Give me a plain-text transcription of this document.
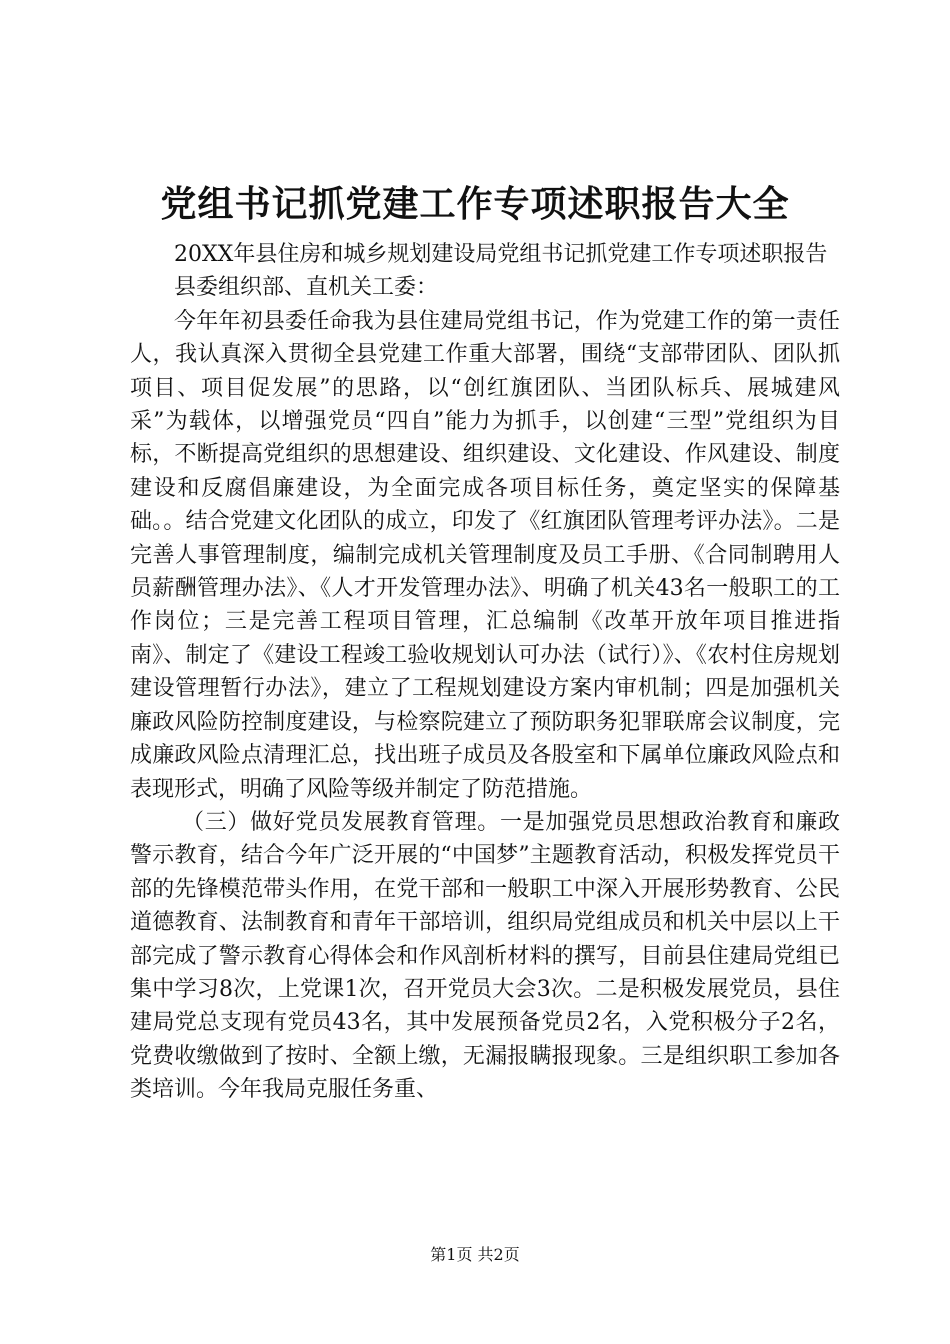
党组书记抓党建工作专项述职报告大全

20XX年县住房和城乡规划建设局党组书记抓党建工作专项述职报告

县委组织部、直机关工委：

今年年初县委任命我为县住建局党组书记，作为党建工作的第一责任人，我认真深入贯彻全县党建工作重大部署，围绕“支部带团队、团队抓项目、项目促发展”的思路，以“创红旗团队、当团队标兵、展城建风采”为载体，以增强党员“四自”能力为抓手，以创建“三型”党组织为目标，不断提高党组织的思想建设、组织建设、文化建设、作风建设、制度建设和反腐倡廉建设，为全面完成各项目标任务，奠定坚实的保障基础。。结合党建文化团队的成立，印发了《红旗团队管理考评办法》。二是完善人事管理制度，编制完成机关管理制度及员工手册、《合同制聘用人员薪酬管理办法》、《人才开发管理办法》、明确了机关43名一般职工的工作岗位；三是完善工程项目管理，汇总编制《改革开放年项目推进指南》、制定了《建设工程竣工验收规划认可办法（试行）》、《农村住房规划建设管理暂行办法》，建立了工程规划建设方案内审机制；四是加强机关廉政风险防控制度建设，与检察院建立了预防职务犯罪联席会议制度，完成廉政风险点清理汇总，找出班子成员及各股室和下属单位廉政风险点和表现形式，明确了风险等级并制定了防范措施。

（三）做好党员发展教育管理。一是加强党员思想政治教育和廉政警示教育，结合今年广泛开展的“中国梦”主题教育活动，积极发挥党员干部的先锋模范带头作用，在党干部和一般职工中深入开展形势教育、公民道德教育、法制教育和青年干部培训，组织局党组成员和机关中层以上干部完成了警示教育心得体会和作风剖析材料的撰写，目前县住建局党组已集中学习8次，上党课1次，召开党员大会3次。二是积极发展党员，县住建局党总支现有党员43名，其中发展预备党员2名，入党积极分子2名，党费收缴做到了按时、全额上缴，无漏报瞒报现象。三是组织职工参加各类培训。今年我局克服任务重、

第1页 共2页
